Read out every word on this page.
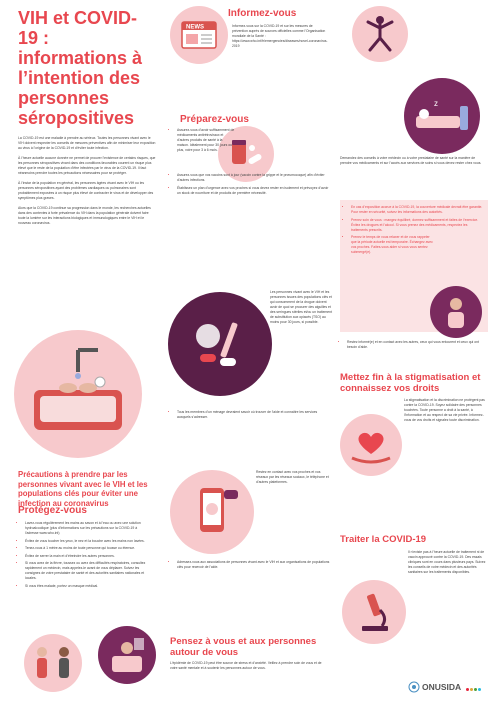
VIH et COVID-19 : informations à l’intention des personnes séropositives

La COVID-19 est une maladie à prendre au sérieux. Toutes les personnes vivant avec le VIH doivent respecter les conseils de mesures préventives afin de minimiser leur exposition au virus à l’origine de la COVID-19 et d’éviter toute infection.

À l’heure actuelle aucune donnée ne permet de prouver l’existence de certains risques, que les personnes séropositives vivant dans des conditions favorables courent un risque plus élevé que le reste de la population d’être infectées par le virus de la COVID-19. Il faut néanmoins prendre toutes les précautions nécessaires pour se protéger.

À l’instar de la population en général, les personnes âgées vivant avec le VIH ou les personnes séropositives ayant des problèmes cardiaques ou pulmonaires sont probablement exposées à un risque plus élevé de contracter le virus et de développer des symptômes plus graves.

Alors que la COVID-19 continue sa progression dans le monde, les recherches actuelles dans des contextes à forte prévalence du VIH dans la population générale doivent faire toute la lumière sur les interactions biologiques et immunologiques entre le VIH et le nouveau coronavirus.

Précautions à prendre par les personnes vivant avec le VIH et les populations clés pour éviter une infection au coronavirus
Protégez-vous
• Lavez-vous régulièrement les mains au savon et à l’eau ou avec une solution hydroalcoolique (plus d’informations sur les précautions sur la COVID-19 à l’adresse www.who.int)
• Évitez de vous toucher les yeux, le nez et la bouche avec les mains non lavées.
• Tenez-vous à 1 mètre au moins de toute personne qui tousse ou éternue.
• Évitez de serrer la main et d’étreindre les autres personnes.
• Si vous avez de la fièvre, toussez ou avez des difficultés respiratoires, consultez rapidement un médecin, mais appelez-le avant de vous déplacer. Suivez les consignes de votre prestataire de santé et des autorités sanitaires nationales et locales.
• Si vous êtes malade, portez un masque médical.
NEWS
Informez-vous
Informez-vous sur la COVID-19 et sur les mesures de prévention auprès de sources officielles comme l’Organisation mondiale de la Santé : https://www.who.int/fr/emergencies/diseases/novel-coronavirus-2019
Préparez-vous
• Assurez-vous d’avoir suffisamment de médicaments antirétroviraux et d’autres produits de santé à la maison. Idéalement pour 30 jours ou plus, voire pour 3 à 6 mois.
• Assurez-vous que vos vaccins sont à jour (vaccin contre la grippe et le pneumocoque) afin d’éviter d’autres infections.
• Établissez un plan d’urgence avec vos proches si vous devez rester en isolement et prévoyez d’avoir un stock de nourriture et de produits de première nécessité.
Les personnes vivant avec le VIH et les personnes issues des populations clés et qui consomment de la drogue doivent avoir de quoi se procurer des aiguilles et des seringues stériles et/ou un traitement de substitution aux opiacés (TSO) au moins pour 30 jours, si possible.
• Tous les membres d’un ménage devraient savoir où trouver de l’aide et connaître les services auxquels s’adresser.
Restez en contact avec vos proches et vos réseaux par les réseaux sociaux, le téléphone et d’autres plateformes.
• Adressez-vous aux associations de personnes vivant avec le VIH et aux organisations de populations clés pour recevoir de l’aide.
Pensez à vous et aux personnes autour de vous
L’épidémie de COVID-19 peut être source de stress et d’anxiété. Veillez à prendre soin de vous et de votre santé mentale et à soutenir les personnes autour de vous.
z
Demandez des conseils à votre médecin ou à votre prestataire de santé sur la manière de prendre vos médicaments et sur l’accès aux services de soins si vous devez rester chez vous.
• En cas d’exposition accrue à la COVID-19, la couverture médicale devrait être garantie. Pour rester en sécurité, suivez les informations des autorités.
• Prenez soin de vous : mangez équilibré, dormez suffisamment et faites de l’exercice. Évitez les drogues et l’alcool. Si vous prenez des médicaments, respectez les traitements prescrits.
• Prenez le temps de vous relaxer et de vous rappeler que la période actuelle est temporaire. Échangez avec vos proches. Faites-vous aider si vous vous sentez submergé(e).
• Restez informé(e) et en contact avec les autres, ceux qui vous entourent et ceux qui ont besoin d’aide.
Mettez fin à la stigmatisation et connaissez vos droits
La stigmatisation et la discrimination ne protègent pas contre la COVID-19. Soyez solidaire des personnes touchées. Toute personne a droit à la santé, à l’information et au respect de sa vie privée. Informez-vous de vos droits et signalez toute discrimination.
Traiter la COVID-19
Il n’existe pas à l’heure actuelle de traitement ni de vaccin approuvé contre la COVID-19. Des essais cliniques sont en cours dans plusieurs pays. Suivez les conseils de votre médecin et des autorités sanitaires sur les traitements disponibles.
ONUSIDA
